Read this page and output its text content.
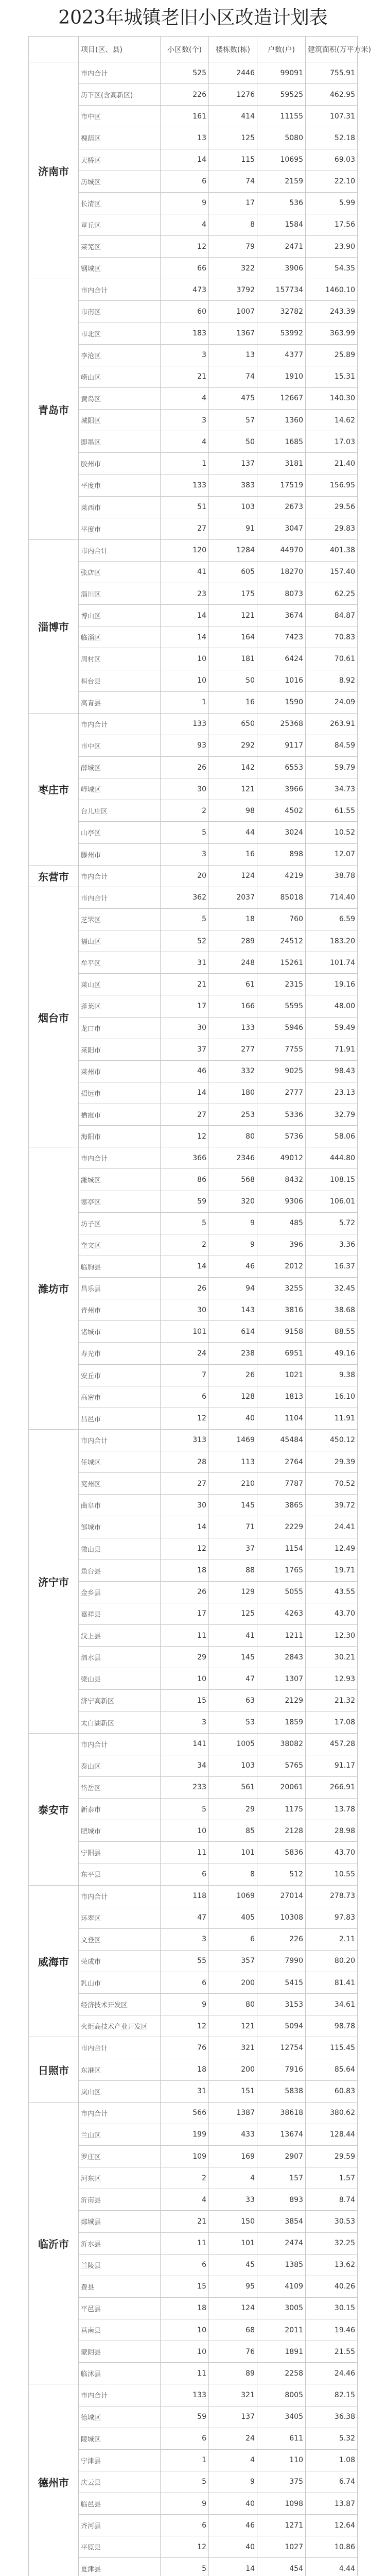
2023年城镇老旧小区改造计划表
	项目(区、县)	小区数(个)	楼栋数(栋)	户数(户)	建筑面积(万平方米)
济南市	市内合计	525	2446	99091	755.91
	历下区(含高新区)	226	1276	59525	462.95
	市中区	161	414	11155	107.31
	槐荫区	13	125	5080	52.18
	天桥区	14	115	10695	69.03
	历城区	6	74	2159	22.10
	长清区	9	17	536	5.99
	章丘区	4	8	1584	17.56
	莱芜区	12	79	2471	23.90
	钢城区	66	322	3906	54.35
青岛市	市内合计	473	3792	157734	1460.10
	市南区	60	1007	32782	243.39
	市北区	183	1367	53992	363.99
	李沧区	3	13	4377	25.89
	崂山区	21	74	1910	15.31
	黄岛区	4	475	12667	140.30
	城阳区	3	57	1360	14.62
	即墨区	4	50	1685	17.03
	胶州市	1	137	3181	21.40
	平度市	133	383	17519	156.95
	莱西市	51	103	2673	29.56
	平度市	27	91	3047	29.83
淄博市	市内合计	120	1284	44970	401.38
	张店区	41	605	18270	157.40
	淄川区	23	175	8073	62.25
	博山区	14	121	3674	84.87
	临淄区	14	164	7423	70.83
	周村区	10	181	6424	70.61
	桓台县	10	50	1016	8.92
	高青县	1	16	1590	24.09
枣庄市	市内合计	133	650	25368	263.91
	市中区	93	292	9117	84.59
	薛城区	26	142	6553	59.79
	峄城区	30	121	3966	34.73
	台儿庄区	2	98	4502	61.55
	山亭区	5	44	3024	10.52
	滕州市	3	16	898	12.07
东营市	市内合计	20	124	4219	38.78
烟台市	市内合计	362	2037	85018	714.40
	芝罘区	5	18	760	6.59
	福山区	52	289	24512	183.20
	牟平区	31	248	15261	101.74
	莱山区	21	61	2315	19.16
	蓬莱区	17	166	5595	48.00
	龙口市	30	133	5946	59.49
	莱阳市	37	277	7755	71.91
	莱州市	46	332	9025	98.43
	招远市	14	180	2777	23.13
	栖霞市	27	253	5336	32.79
	海阳市	12	80	5736	58.06
潍坊市	市内合计	366	2346	49012	444.80
	潍城区	86	568	8432	108.15
	寒亭区	59	320	9306	106.01
	坊子区	5	9	485	5.72
	奎文区	2	9	396	3.36
	临朐县	14	46	2012	16.37
	昌乐县	26	94	3255	32.45
	青州市	30	143	3816	38.68
	诸城市	101	614	9158	88.55
	寿光市	24	238	6951	49.16
	安丘市	7	26	1021	9.38
	高密市	6	128	1813	16.10
	昌邑市	12	40	1104	11.91
济宁市	市内合计	313	1469	45484	450.12
	任城区	28	113	2764	29.39
	兖州区	27	210	7787	70.52
	曲阜市	30	145	3865	39.72
	邹城市	14	71	2229	24.41
	微山县	12	37	1154	12.49
	鱼台县	18	88	1765	19.71
	金乡县	26	129	5055	43.55
	嘉祥县	17	125	4263	43.70
	汶上县	11	41	1211	12.30
	泗水县	29	145	2843	30.21
	梁山县	10	47	1307	12.93
	济宁高新区	15	63	2129	21.32
	太白湖新区	3	53	1859	17.08
泰安市	市内合计	141	1005	38082	457.28
	泰山区	34	103	5765	91.17
	岱岳区	233	561	20061	266.91
	新泰市	5	29	1175	13.78
	肥城市	10	85	2128	28.98
	宁阳县	11	101	5836	43.70
	东平县	6	8	512	10.55
威海市	市内合计	118	1069	27014	278.73
	环翠区	47	405	10308	97.83
	文登区	3	6	226	2.11
	荣成市	55	357	7990	80.20
	乳山市	6	200	5415	81.41
	经济技术开发区	9	80	3153	34.61
	火炬高技术产业开发区	12	121	5094	98.78
日照市	市内合计	76	321	12754	115.45
	东港区	18	200	7916	85.64
	岚山区	31	151	5838	60.83
临沂市	市内合计	566	1387	38618	380.62
	兰山区	199	433	13674	128.44
	罗庄区	109	169	2907	29.59
	河东区	2	4	157	1.57
	沂南县	4	33	893	8.74
	郯城县	21	150	3854	30.53
	沂水县	11	101	2474	32.25
	兰陵县	6	45	1385	13.62
	费县	15	95	4109	40.26
	平邑县	18	124	3005	30.15
	莒南县	10	68	2011	19.46
	蒙阴县	10	76	1891	21.55
	临沭县	11	89	2258	24.46
德州市	市内合计	133	321	8005	82.15
	德城区	59	137	3405	36.38
	陵城区	6	24	611	5.32
	宁津县	1	4	110	1.08
	庆云县	5	9	375	6.74
	临邑县	9	40	1098	13.87
	齐河县	6	46	1271	12.64
	平原县	12	40	1027	10.86
	夏津县	5	14	454	4.44
